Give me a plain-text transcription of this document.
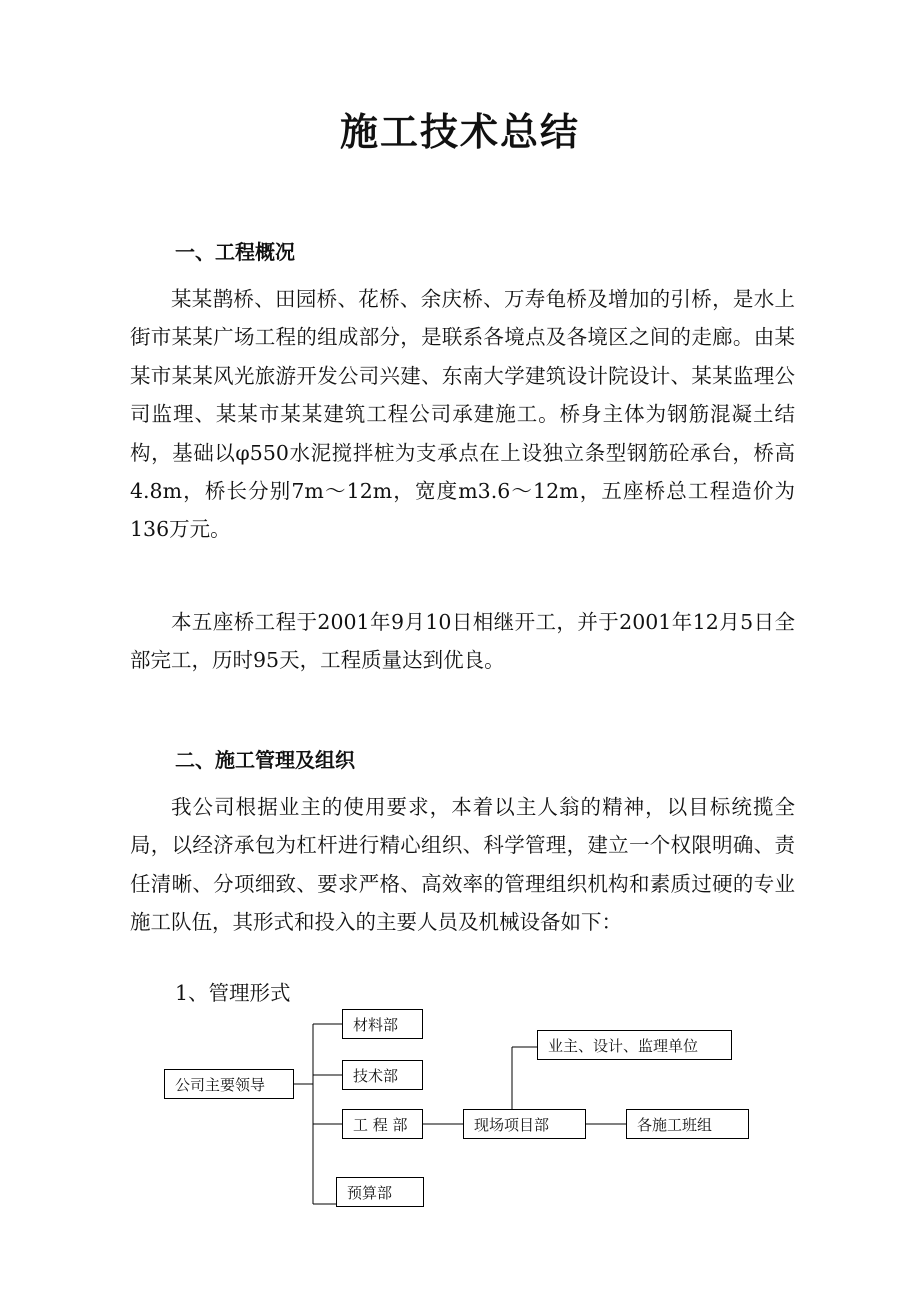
施工技术总结
一、工程概况

某某鹊桥、田园桥、花桥、余庆桥、万寿龟桥及增加的引桥，是水上街市某某广场工程的组成部分，是联系各境点及各境区之间的走廊。由某某市某某风光旅游开发公司兴建、东南大学建筑设计院设计、某某监理公司监理、某某市某某建筑工程公司承建施工。桥身主体为钢筋混凝土结构，基础以φ550水泥搅拌桩为支承点在上设独立条型钢筋砼承台，桥高4.8m，桥长分别7m～12m，宽度m3.6～12m，五座桥总工程造价为136万元。

本五座桥工程于2001年9月10日相继开工，并于2001年12月5日全部完工，历时95天，工程质量达到优良。

二、施工管理及组织

我公司根据业主的使用要求，本着以主人翁的精神，以目标统揽全局，以经济承包为杠杆进行精心组织、科学管理，建立一个权限明确、责任清晰、分项细致、要求严格、高效率的管理组织机构和素质过硬的专业施工队伍，其形式和投入的主要人员及机械设备如下：

1、管理形式

公司主要领导
材料部
技术部
工 程 部
预算部
现场项目部
业主、设计、监理单位
各施工班组
